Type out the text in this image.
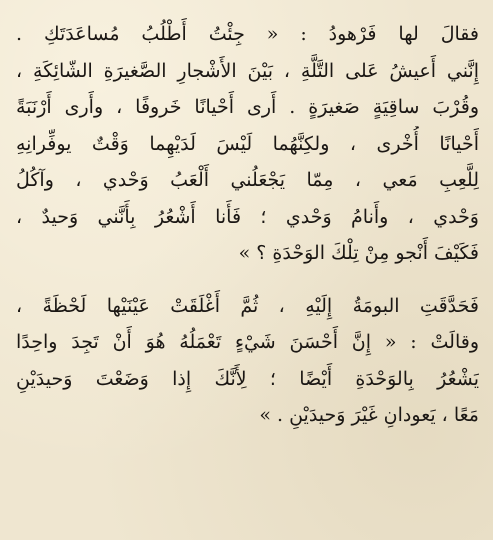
فقالَ لها فَرْهودُ : « جِئْتُ أَطْلُبُ مُساعَدَتَكِ .
إِنَّني أَعيشُ عَلى التَّلَّةِ ، بَيْنَ الأَشْجارِ الصَّغيرَةِ الشّائِكَةِ ،
وقُرْبَ ساقِيَةٍ صَغيرَةٍ . أَرى أَحْيانًا خَروفًا ، وأَرى أَرْنَبَةً
أَحْيانًا أُخْرى ، ولكِنَّهُما لَيْسَ لَدَيْهِما وَقْتٌ يوفِّرانِهِ
لِلَّعِبِ مَعي ، مِمّا يَجْعَلُني أَلْعَبُ وَحْدي ، وآكُلُ
وَحْدي ، وأَنامُ وَحْدي ؛ فَأَنا أَشْعُرُ بِأَنَّني وَحيدٌ ،
فَكَيْفَ أَنْجو مِنْ تِلْكَ الوَحْدَةِ ؟ »
فَحَدَّقَتِ البومَةُ إِلَيْهِ ، ثُمَّ أَغْلَقَتْ عَيْنَيْها لَحْظَةً ،
وقالَتْ : « إِنَّ أَحْسَنَ شَيْءٍ تَعْمَلُهُ هُوَ أَنْ تَجِدَ واحِدًا
يَشْعُرُ بِالوَحْدَةِ أَيْضًا ؛ لِأَنَّكَ إِذا وَضَعْتَ وَحيدَيْنِ
مَعًا ، يَعودانِ غَيْرَ وَحيدَيْنِ . »
